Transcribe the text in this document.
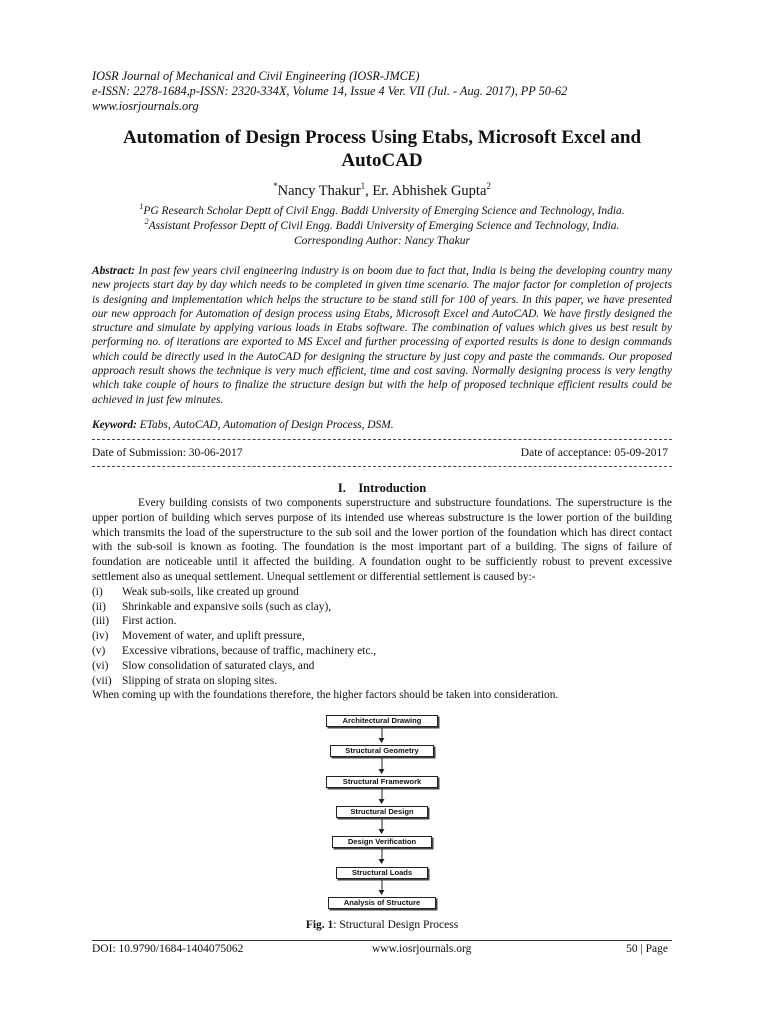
IOSR Journal of Mechanical and Civil Engineering (IOSR-JMCE)
e-ISSN: 2278-1684,p-ISSN: 2320-334X, Volume 14, Issue 4 Ver. VII (Jul. - Aug. 2017), PP 50-62
www.iosrjournals.org
Automation of Design Process Using Etabs, Microsoft Excel and
AutoCAD
*Nancy Thakur$^1$, Er. Abhishek Gupta$^2$
$^1$PG Research Scholar Deptt of Civil Engg. Baddi University of Emerging Science and Technology, India.
$^2$Assistant Professor Deptt of Civil Engg. Baddi University of Emerging Science and Technology, India.
Corresponding Author: Nancy Thakur
Abstract: In past few years civil engineering industry is on boom due to fact that, India is being the developing country many new projects start day by day which needs to be completed in given time scenario. The major factor for completion of projects is designing and implementation which helps the structure to be stand still for 100 of years. In this paper, we have presented our new approach for Automation of design process using Etabs, Microsoft Excel and AutoCAD. We have firstly designed the structure and simulate by applying various loads in Etabs software. The combination of values which gives us best result by performing no. of iterations are exported to MS Excel and further processing of exported results is done to design commands which could be directly used in the AutoCAD for designing the structure by just copy and paste the commands. Our proposed approach result shows the technique is very much efficient, time and cost saving. Normally designing process is very lengthy which take couple of hours to finalize the structure design but with the help of proposed technique efficient results could be achieved in just few minutes.
Keyword: ETabs, AutoCAD, Automation of Design Process, DSM.
Date of Submission: 30-06-2017	Date of acceptance: 05-09-2017
I.    Introduction

Every building consists of two components superstructure and substructure foundations. The superstructure is the upper portion of building which serves purpose of its intended use whereas substructure is the lower portion of the building which transmits the load of the superstructure to the sub soil and the lower portion of the foundation which has direct contact with the sub-soil is known as footing. The foundation is the most important part of a building. The signs of failure of foundation are noticeable until it affected the building. A foundation ought to be sufficiently robust to prevent excessive settlement also as unequal settlement. Unequal settlement or differential settlement is caused by:-

(i) Weak sub-soils, like created up ground
(ii) Shrinkable and expansive soils (such as clay),
(iii) First action.
(iv) Movement of water, and uplift pressure,
(v) Excessive vibrations, because of traffic, machinery etc.,
(vi) Slow consolidation of saturated clays, and
(vii) Slipping of strata on sloping sites.

When coming up with the foundations therefore, the higher factors should be taken into consideration.

Architectural Drawing
Structural Geometry
Structural Framework
Structural Design
Design Verification
Structural Loads
Analysis of Structure
Fig. 1: Structural Design Process
DOI: 10.9790/1684-1404075062	www.iosrjournals.org	50 | Page
